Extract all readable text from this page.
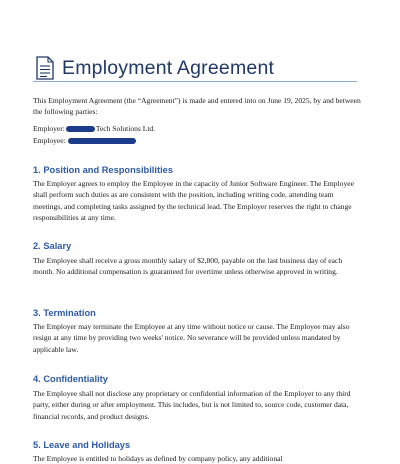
Employment Agreement

This Employment Agreement (the “Agreement”) is made and entered into on June 19, 2025, by and between the following parties:

Employer:	Tech Solutions Ltd.
Employee:
1. Position and Responsibilities

The Employer agrees to employ the Employee in the capacity of Junior Software Engineer. The Employee shall perform such duties as are consistent with the position, including writing code, attending team meetings, and completing tasks assigned by the technical lead. The Employer reserves the right to change responsibilities at any time.

2. Salary

The Employee shall receive a gross monthly salary of $2,800, payable on the last business day of each month. No additional compensation is guaranteed for overtime unless otherwise approved in writing.

3. Termination

The Employer may terminate the Employee at any time without notice or cause. The Employee may also resign at any time by providing two weeks' notice. No severance will be provided unless mandated by applicable law.

4. Confidentiality

The Employee shall not disclose any proprietary or confidential information of the Employer to any third party, either during or after employment. This includes, but is not limited to, source code, customer data, financial records, and product designs.

5. Leave and Holidays

The Employee is entitled to holidays as defined by company policy, any additional
